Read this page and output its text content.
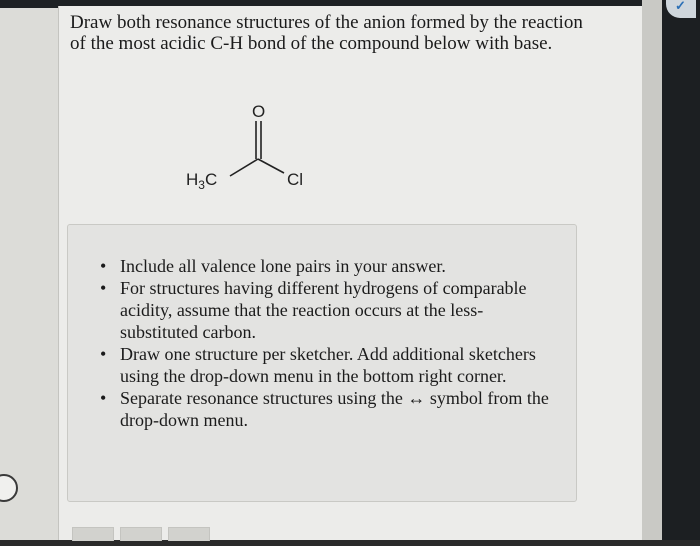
✓

Draw both resonance structures of the anion formed by the reaction of the most acidic C-H bond of the compound below with base.

O
$H_3C$	Cl
• Include all valence lone pairs in your answer.
• For structures having different hydrogens of comparable acidity, assume that the reaction occurs at the less-substituted carbon.
• Draw one structure per sketcher. Add additional sketchers using the drop-down menu in the bottom right corner.
• Separate resonance structures using the ↔ symbol from the drop-down menu.
